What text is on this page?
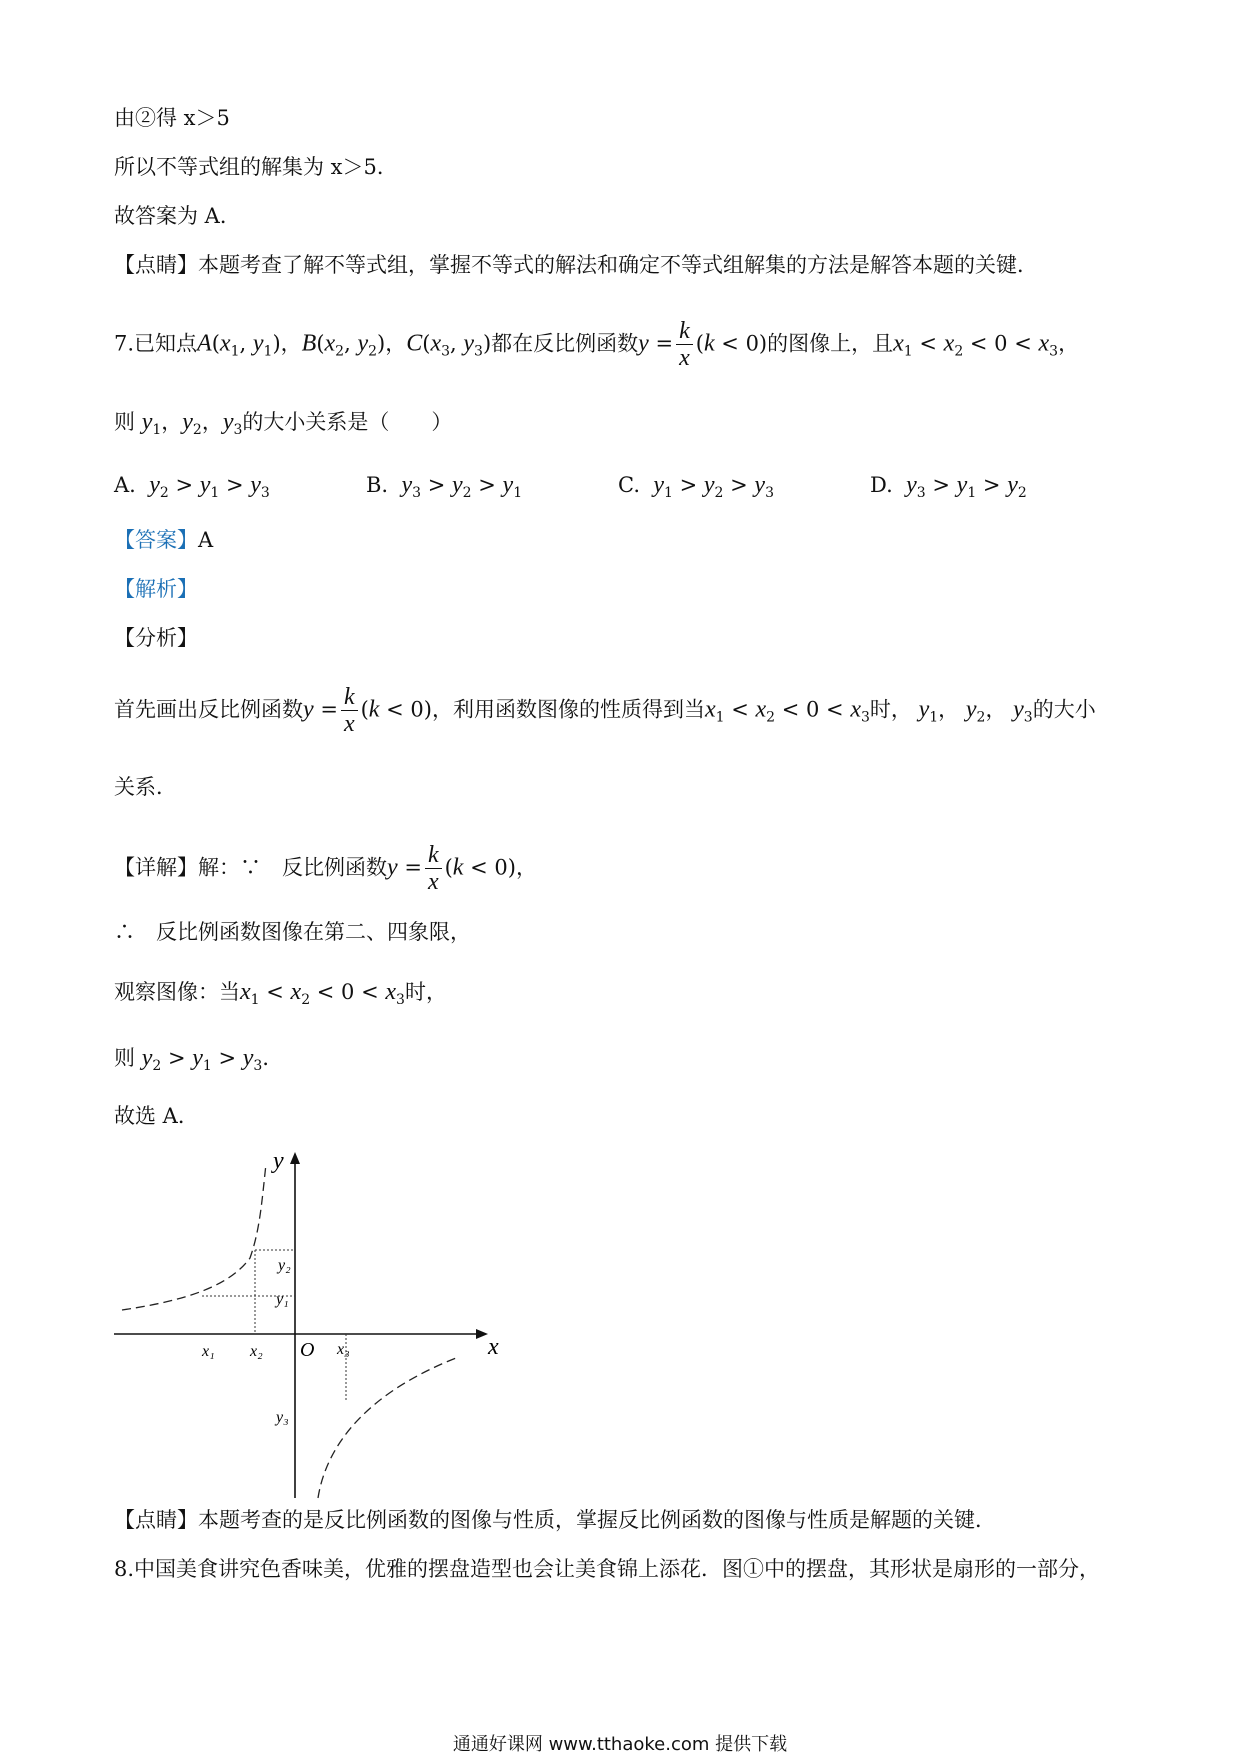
由②得 x＞5
所以不等式组的解集为 x＞5．
故答案为 A．
【点睛】本题考查了解不等式组，掌握不等式的解法和确定不等式组解集的方法是解答本题的关键．
7.已知点$A(x_1$, $y_1$)，$B(x_2$, $y_2$)，$C(x_3$, $y_3$)都在反比例函数$y = \frac{k}{x} (k < 0)$的图像上，且$x_1 < x_2 < 0 < x_3$，
则 $y_1$，$y_2$，$y_3$的大小关系是（　　）
A. $y_2 > y_1 > y_3$	B. $y_3 > y_2 > y_1$	C. $y_1 > y_2 > y_3$	D. $y_3 > y_1 > y_2$
【答案】A
【解析】
【分析】
首先画出反比例函数$y = \frac{k}{x} (k < 0)$，利用函数图像的性质得到当$x_1 < x_2 < 0 < x_3$时， $y_1$， $y_2$， $y_3$的大小
关系．
【详解】解：∵　反比例函数$y = \frac{k}{x} (k < 0)$，
∴　反比例函数图像在第二、四象限，
观察图像：当$x_1 < x_2 < 0 < x_3$时，
则 $y_2 > y_1 > y_3$．
故选 A．
y
x
O
x₁ x₂	x₃
y₂
y₁
y₃
【点睛】本题考查的是反比例函数的图像与性质，掌握反比例函数的图像与性质是解题的关键．
8.中国美食讲究色香味美，优雅的摆盘造型也会让美食锦上添花．图①中的摆盘，其形状是扇形的一部分，
通通好课网 www.tthaoke.com 提供下载
